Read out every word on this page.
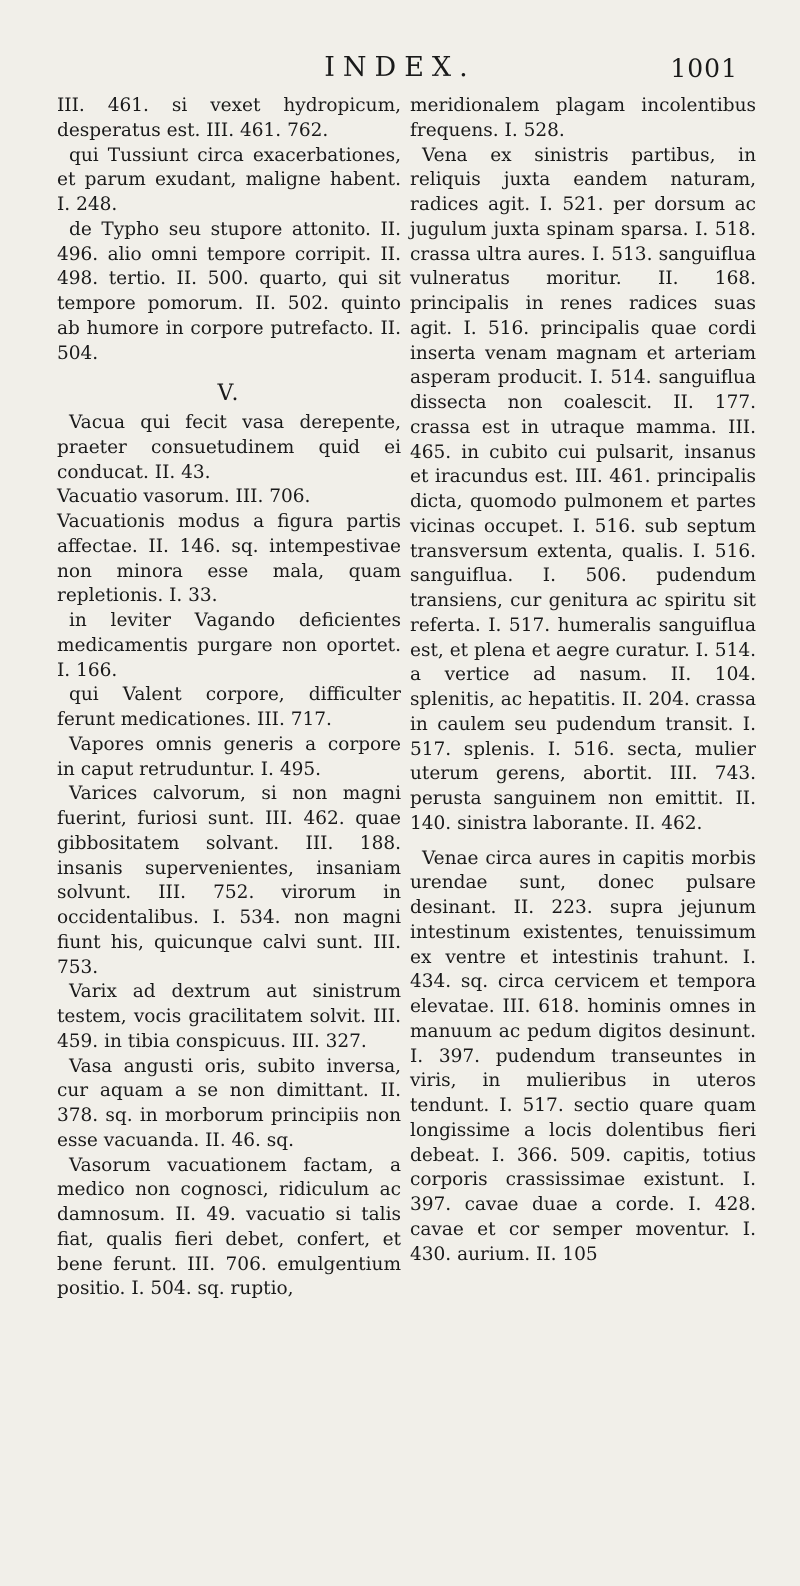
INDEX.	1001

III. 461. si vexet hydropicum, desperatus est. III. 461. 762.

qui Tussiunt circa exacerbationes, et parum exudant, maligne habent. I. 248.

de Typho seu stupore attonito. II. 496. alio omni tempore corripit. II. 498. tertio. II. 500. quarto, qui sit tempore pomorum. II. 502. quinto ab humore in corpore putrefacto. II. 504.

V.

Vacua qui fecit vasa derepente, praeter consuetudinem quid ei conducat. II. 43.

Vacuatio vasorum. III. 706.

Vacuationis modus a figura partis affectae. II. 146. sq. intempestivae non minora esse mala, quam repletionis. I. 33.

in leviter Vagando deficientes medicamentis purgare non oportet. I. 166.

qui Valent corpore, difficulter ferunt medicationes. III. 717.

Vapores omnis generis a corpore in caput retruduntur. I. 495.

Varices calvorum, si non magni fuerint, furiosi sunt. III. 462. quae gibbositatem solvant. III. 188. insanis supervenientes, insaniam solvunt. III. 752. virorum in occidentalibus. I. 534. non magni fiunt his, quicunque calvi sunt. III. 753.

Varix ad dextrum aut sinistrum testem, vocis gracilitatem solvit. III. 459. in tibia conspicuus. III. 327.

Vasa angusti oris, subito inversa, cur aquam a se non dimittant. II. 378. sq. in morborum principiis non esse vacuanda. II. 46. sq.

Vasorum vacuationem factam, a medico non cognosci, ridiculum ac damnosum. II. 49. vacuatio si talis fiat, qualis fieri debet, confert, et bene ferunt. III. 706. emulgentium positio. I. 504. sq. ruptio,

meridionalem plagam incolentibus frequens. I. 528.

Vena ex sinistris partibus, in reliquis juxta eandem naturam, radices agit. I. 521. per dorsum ac jugulum juxta spinam sparsa. I. 518. crassa ultra aures. I. 513. sanguiflua vulneratus moritur. II. 168. principalis in renes radices suas agit. I. 516. principalis quae cordi inserta venam magnam et arteriam asperam producit. I. 514. sanguiflua dissecta non coalescit. II. 177. crassa est in utraque mamma. III. 465. in cubito cui pulsarit, insanus et iracundus est. III. 461. principalis dicta, quomodo pulmonem et partes vicinas occupet. I. 516. sub septum transversum extenta, qualis. I. 516. sanguiflua. I. 506. pudendum transiens, cur genitura ac spiritu sit referta. I. 517. humeralis sanguiflua est, et plena et aegre curatur. I. 514. a vertice ad nasum. II. 104. splenitis, ac hepatitis. II. 204. crassa in caulem seu pudendum transit. I. 517. splenis. I. 516. secta, mulier uterum gerens, abortit. III. 743. perusta sanguinem non emittit. II. 140. sinistra laborante. II. 462.

Venae circa aures in capitis morbis urendae sunt, donec pulsare desinant. II. 223. supra jejunum intestinum existentes, tenuissimum ex ventre et intestinis trahunt. I. 434. sq. circa cervicem et tempora elevatae. III. 618. hominis omnes in manuum ac pedum digitos desinunt. I. 397. pudendum transeuntes in viris, in mulieribus in uteros tendunt. I. 517. sectio quare quam longissime a locis dolentibus fieri debeat. I. 366. 509. capitis, totius corporis crassissimae existunt. I. 397. cavae duae a corde. I. 428. cavae et cor semper moventur. I. 430. aurium. II. 105
